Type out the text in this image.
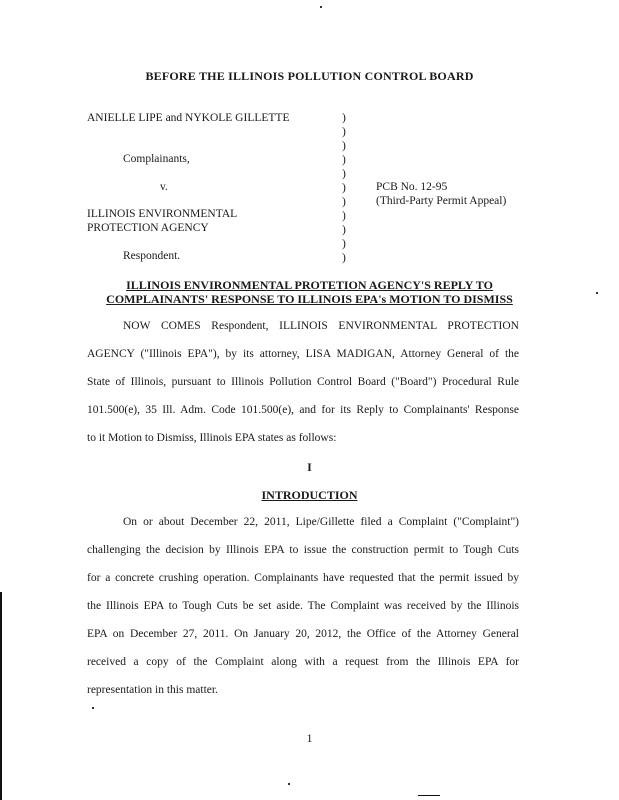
BEFORE THE ILLINOIS POLLUTION CONTROL BOARD
ANIELLE LIPE and NYKOLE GILLETTE
Complainants,
v.
ILLINOIS ENVIRONMENTAL
PROTECTION AGENCY
Respondent.
)
)
)
)
)
)
)
)
)
)
)
PCB No. 12-95
(Third-Party Permit Appeal)
ILLINOIS ENVIRONMENTAL PROTETION AGENCY'S REPLY TO
COMPLAINANTS' RESPONSE TO ILLINOIS EPA's MOTION TO DISMISS
NOW COMES Respondent, ILLINOIS ENVIRONMENTAL PROTECTION
AGENCY ("Illinois EPA"), by its attorney, LISA MADIGAN, Attorney General of the
State of Illinois, pursuant to Illinois Pollution Control Board ("Board") Procedural Rule
101.500(e), 35 Ill. Adm. Code 101.500(e), and for its Reply to Complainants' Response
to it Motion to Dismiss, Illinois EPA states as follows:
I
INTRODUCTION
On or about December 22, 2011, Lipe/Gillette filed a Complaint ("Complaint")
challenging the decision by Illinois EPA to issue the construction permit to Tough Cuts
for a concrete crushing operation. Complainants have requested that the permit issued by
the Illinois EPA to Tough Cuts be set aside. The Complaint was received by the Illinois
EPA on December 27, 2011. On January 20, 2012, the Office of the Attorney General
received a copy of the Complaint along with a request from the Illinois EPA for
representation in this matter.
1
